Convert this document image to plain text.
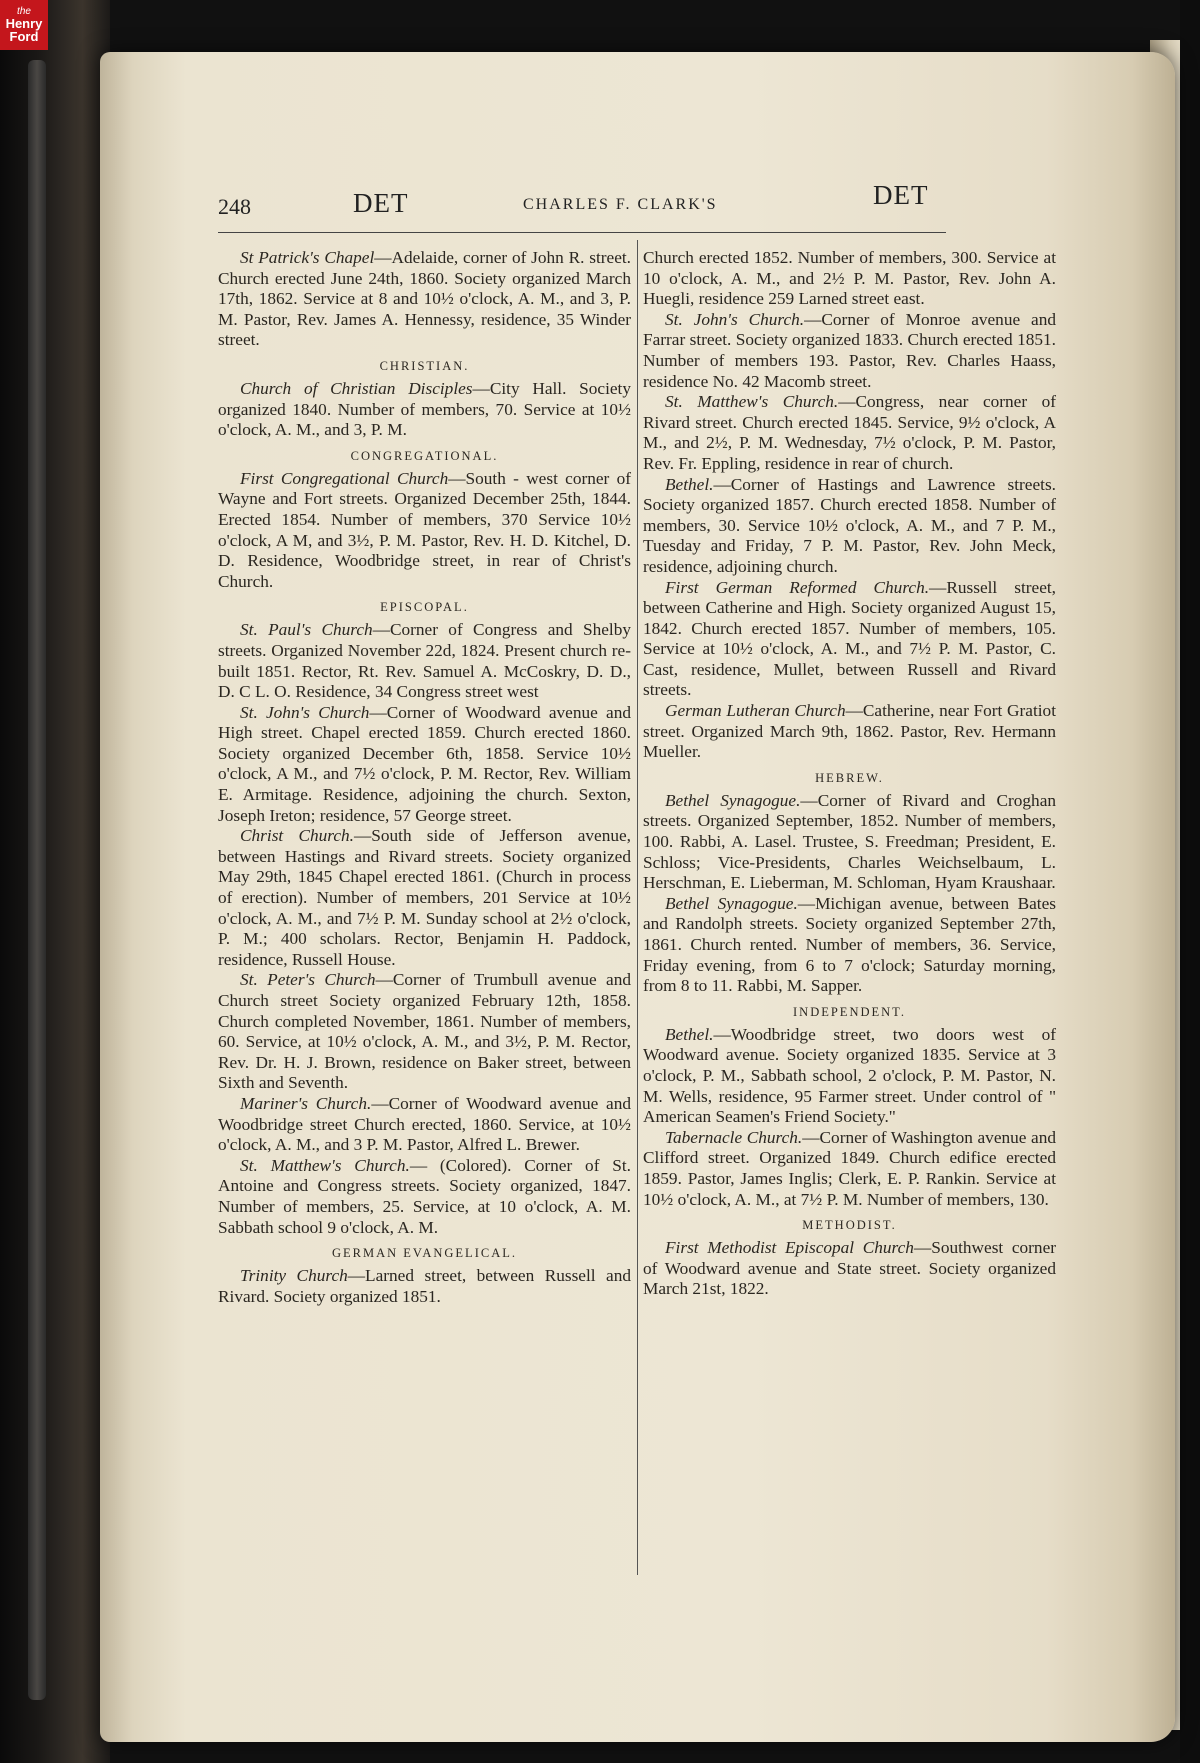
the
Henry
Ford
248	DET	CHARLES F. CLARK'S	DET

St Patrick's Chapel—Adelaide, corner of John R. street. Church erected June 24th, 1860. Society organized March 17th, 1862. Service at 8 and 10½ o'clock, A. M., and 3, P. M. Pastor, Rev. James A. Hennessy, residence, 35 Winder street.

CHRISTIAN.

Church of Christian Disciples—City Hall. Society organized 1840. Number of members, 70. Service at 10½ o'clock, A. M., and 3, P. M.

CONGREGATIONAL.

First Congregational Church—South - west corner of Wayne and Fort streets. Organized December 25th, 1844. Erected 1854. Number of members, 370 Service 10½ o'clock, A M, and 3½, P. M. Pastor, Rev. H. D. Kitchel, D. D. Residence, Woodbridge street, in rear of Christ's Church.

EPISCOPAL.

St. Paul's Church—Corner of Congress and Shelby streets. Organized November 22d, 1824. Present church re-built 1851. Rector, Rt. Rev. Samuel A. McCoskry, D. D., D. C L. O. Residence, 34 Congress street west

St. John's Church—Corner of Woodward avenue and High street. Chapel erected 1859. Church erected 1860. Society organized December 6th, 1858. Service 10½ o'clock, A M., and 7½ o'clock, P. M. Rector, Rev. William E. Armitage. Residence, adjoining the church. Sexton, Joseph Ireton; residence, 57 George street.

Christ Church.—South side of Jefferson avenue, between Hastings and Rivard streets. Society organized May 29th, 1845 Chapel erected 1861. (Church in process of erection). Number of members, 201 Service at 10½ o'clock, A. M., and 7½ P. M. Sunday school at 2½ o'clock, P. M.; 400 scholars. Rector, Benjamin H. Paddock, residence, Russell House.

St. Peter's Church—Corner of Trumbull avenue and Church street Society organized February 12th, 1858. Church completed November, 1861. Number of members, 60. Service, at 10½ o'clock, A. M., and 3½, P. M. Rector, Rev. Dr. H. J. Brown, residence on Baker street, between Sixth and Seventh.

Mariner's Church.—Corner of Woodward avenue and Woodbridge street Church erected, 1860. Service, at 10½ o'clock, A. M., and 3 P. M. Pastor, Alfred L. Brewer.

St. Matthew's Church.— (Colored). Corner of St. Antoine and Congress streets. Society organized, 1847. Number of members, 25. Service, at 10 o'clock, A. M. Sabbath school 9 o'clock, A. M.

GERMAN EVANGELICAL.

Trinity Church—Larned street, between Russell and Rivard. Society organized 1851.

Church erected 1852. Number of members, 300. Service at 10 o'clock, A. M., and 2½ P. M. Pastor, Rev. John A. Huegli, residence 259 Larned street east.

St. John's Church.—Corner of Monroe avenue and Farrar street. Society organized 1833. Church erected 1851. Number of members 193. Pastor, Rev. Charles Haass, residence No. 42 Macomb street.

St. Matthew's Church.—Congress, near corner of Rivard street. Church erected 1845. Service, 9½ o'clock, A M., and 2½, P. M. Wednesday, 7½ o'clock, P. M. Pastor, Rev. Fr. Eppling, residence in rear of church.

Bethel.—Corner of Hastings and Lawrence streets. Society organized 1857. Church erected 1858. Number of members, 30. Service 10½ o'clock, A. M., and 7 P. M., Tuesday and Friday, 7 P. M. Pastor, Rev. John Meck, residence, adjoining church.

First German Reformed Church.—Russell street, between Catherine and High. Society organized August 15, 1842. Church erected 1857. Number of members, 105. Service at 10½ o'clock, A. M., and 7½ P. M. Pastor, C. Cast, residence, Mullet, between Russell and Rivard streets.

German Lutheran Church—Catherine, near Fort Gratiot street. Organized March 9th, 1862. Pastor, Rev. Hermann Mueller.

HEBREW.

Bethel Synagogue.—Corner of Rivard and Croghan streets. Organized September, 1852. Number of members, 100. Rabbi, A. Lasel. Trustee, S. Freedman; President, E. Schloss; Vice-Presidents, Charles Weichselbaum, L. Herschman, E. Lieberman, M. Schloman, Hyam Kraushaar.

Bethel Synagogue.—Michigan avenue, between Bates and Randolph streets. Society organized September 27th, 1861. Church rented. Number of members, 36. Service, Friday evening, from 6 to 7 o'clock; Saturday morning, from 8 to 11. Rabbi, M. Sapper.

INDEPENDENT.

Bethel.—Woodbridge street, two doors west of Woodward avenue. Society organized 1835. Service at 3 o'clock, P. M., Sabbath school, 2 o'clock, P. M. Pastor, N. M. Wells, residence, 95 Farmer street. Under control of " American Seamen's Friend Society."

Tabernacle Church.—Corner of Washington avenue and Clifford street. Organized 1849. Church edifice erected 1859. Pastor, James Inglis; Clerk, E. P. Rankin. Service at 10½ o'clock, A. M., at 7½ P. M. Number of members, 130.

METHODIST.

First Methodist Episcopal Church—Southwest corner of Woodward avenue and State street. Society organized March 21st, 1822.
